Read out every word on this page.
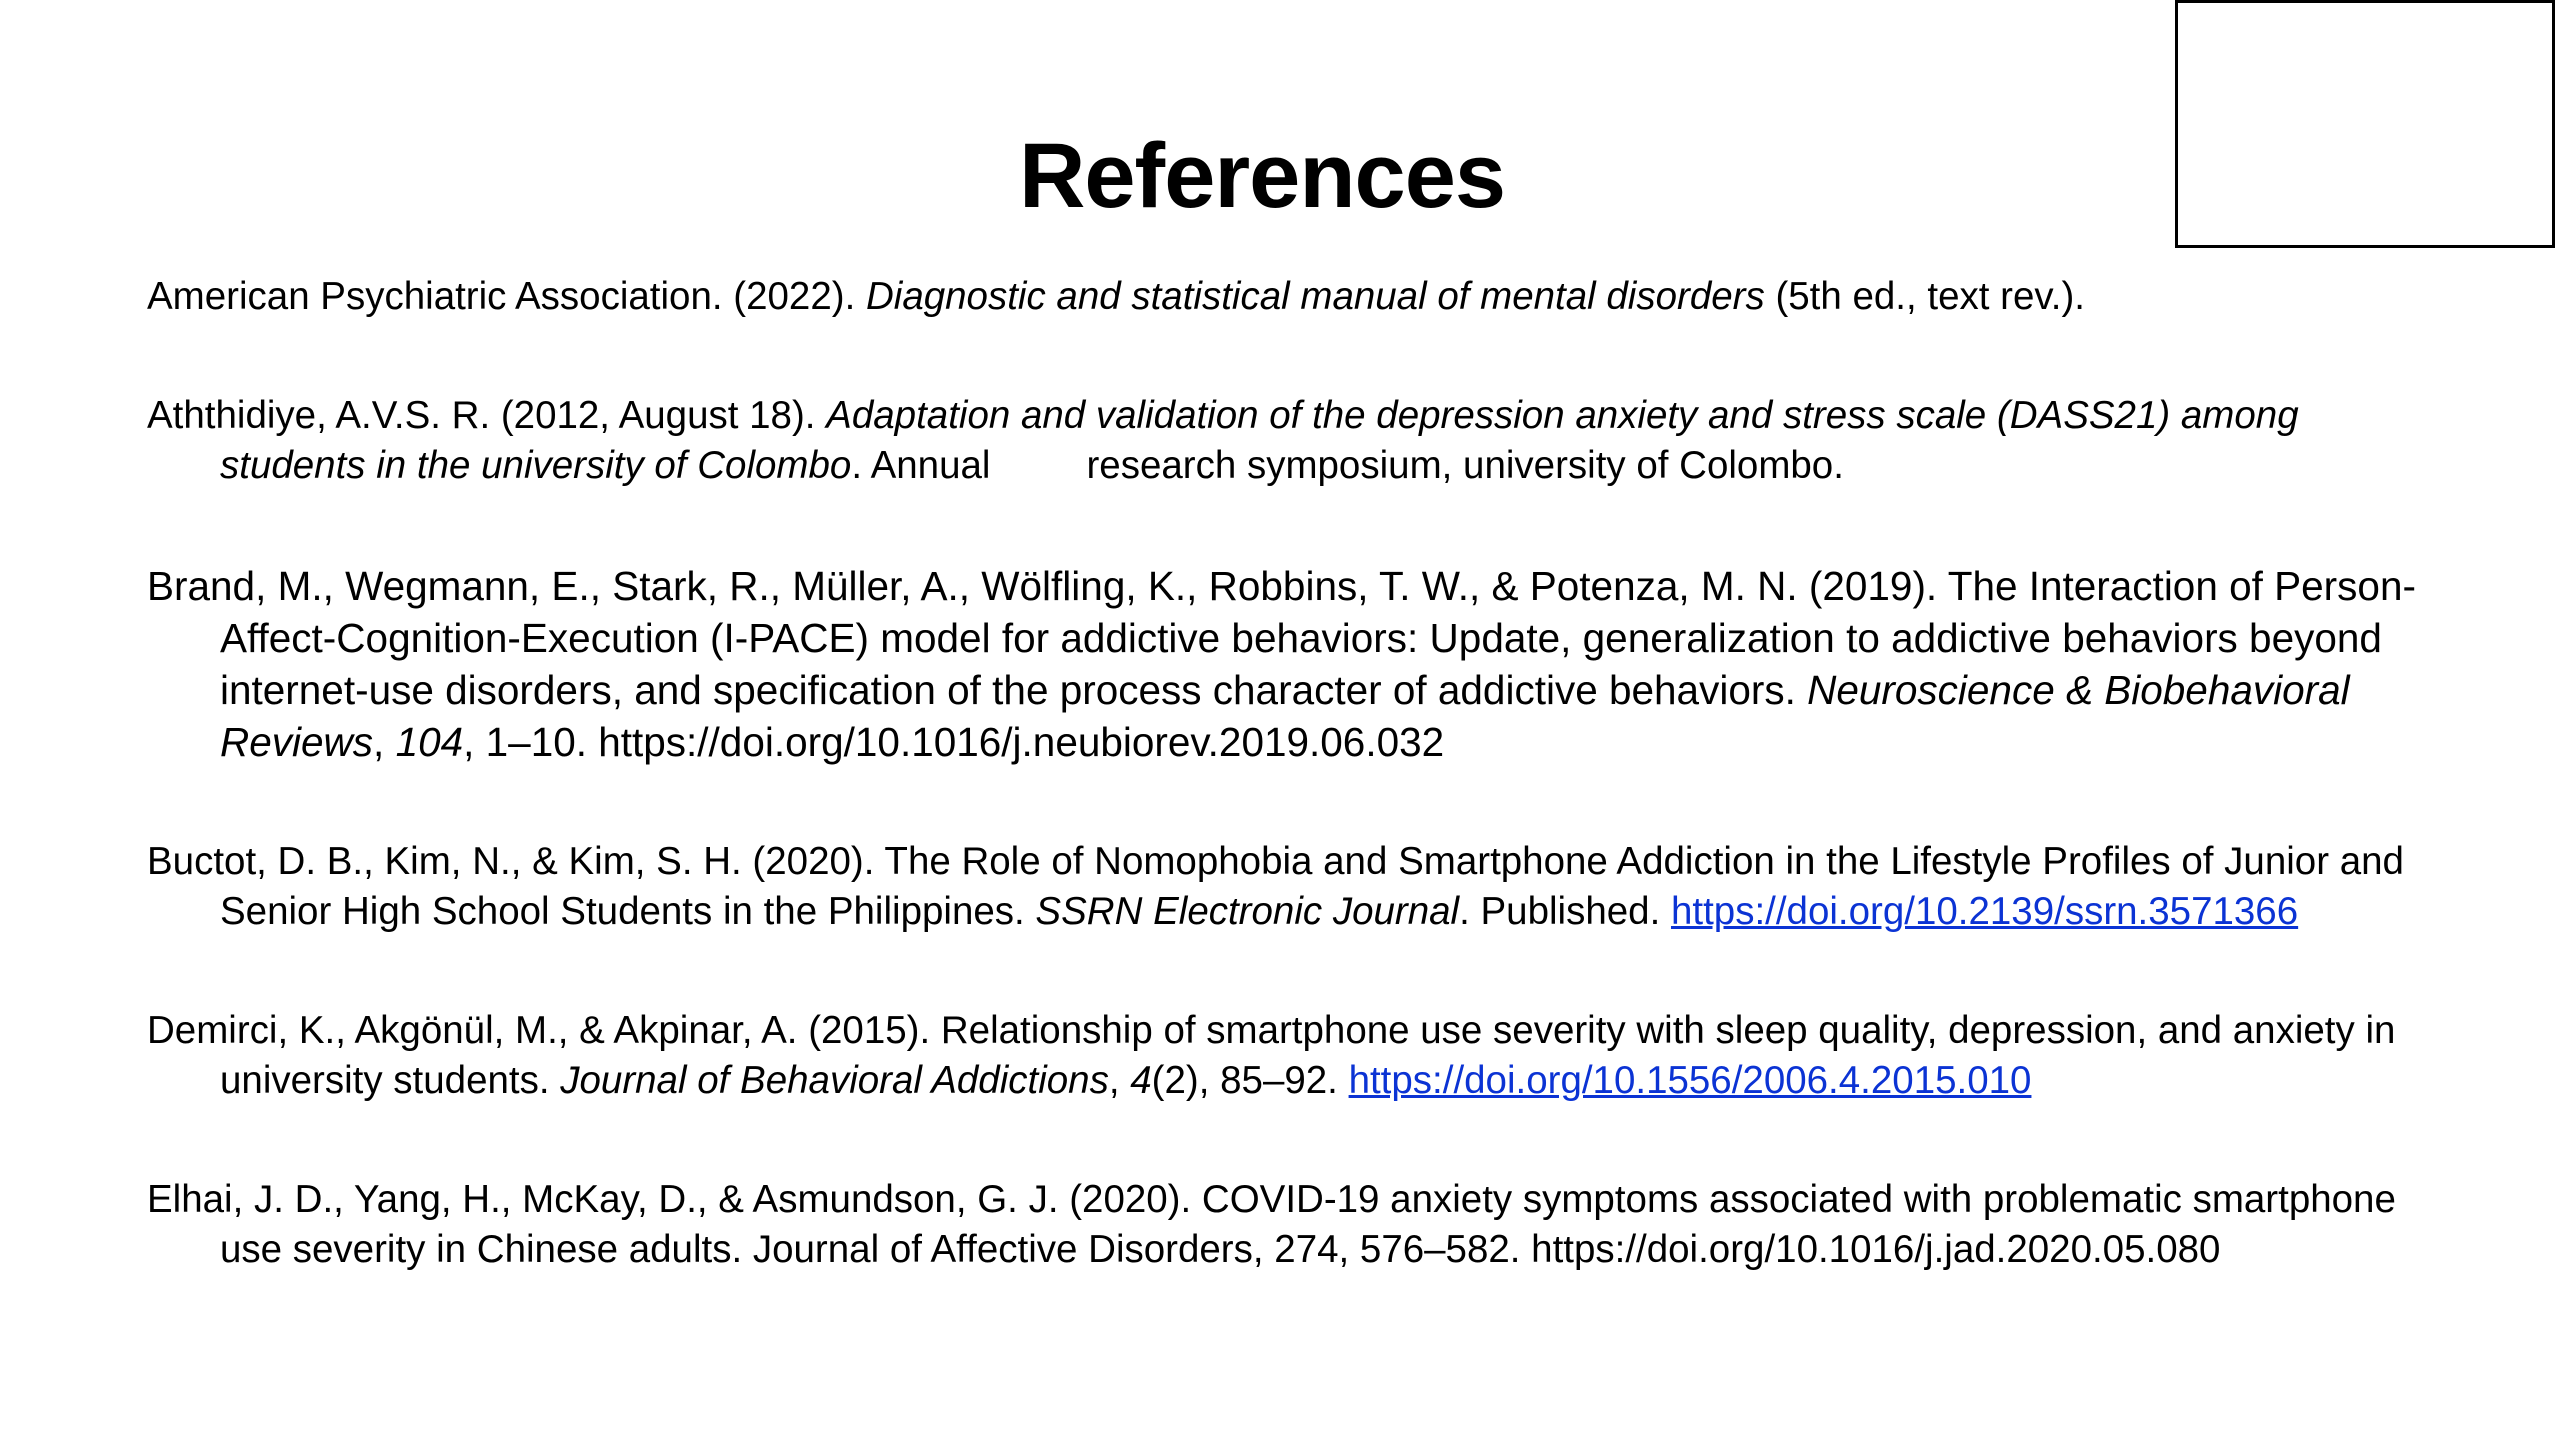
References

American Psychiatric Association. (2022). Diagnostic and statistical manual of mental disorders (5th ed., text rev.).

Aththidiye, A.V.S. R. (2012, August 18). Adaptation and validation of the depression anxiety and stress scale (DASS21) among students in the university of Colombo. Annual research symposium, university of Colombo.

Brand, M., Wegmann, E., Stark, R., Müller, A., Wölfling, K., Robbins, T. W., & Potenza, M. N. (2019). The Interaction of Person-Affect-Cognition-Execution (I-PACE) model for addictive behaviors: Update, generalization to addictive behaviors beyond internet-use disorders, and specification of the process character of addictive behaviors. Neuroscience & Biobehavioral Reviews, 104, 1–10. https://doi.org/10.1016/j.neubiorev.2019.06.032

Buctot, D. B., Kim, N., & Kim, S. H. (2020). The Role of Nomophobia and Smartphone Addiction in the Lifestyle Profiles of Junior and Senior High School Students in the Philippines. SSRN Electronic Journal. Published. https://doi.org/10.2139/ssrn.3571366

Demirci, K., Akgönül, M., & Akpinar, A. (2015). Relationship of smartphone use severity with sleep quality, depression, and anxiety in university students. Journal of Behavioral Addictions, 4(2), 85–92. https://doi.org/10.1556/2006.4.2015.010

Elhai, J. D., Yang, H., McKay, D., & Asmundson, G. J. (2020). COVID-19 anxiety symptoms associated with problematic smartphone use severity in Chinese adults. Journal of Affective Disorders, 274, 576–582. https://doi.org/10.1016/j.jad.2020.05.080
